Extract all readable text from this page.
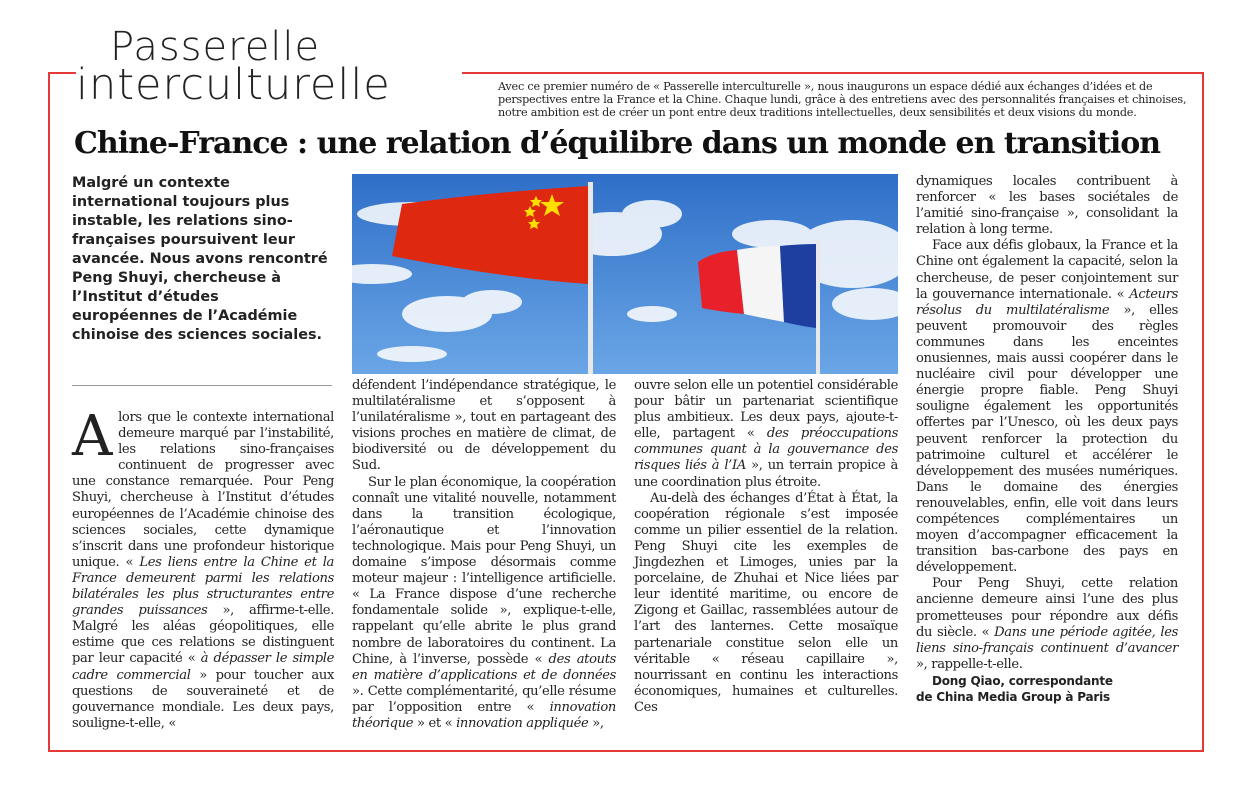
Passerelle
interculturelle	Avec ce premier numéro de « Passerelle interculturelle », nous inaugurons un espace dédié aux échanges d’idées et de perspectives entre la France et la Chine. Chaque lundi, grâce à des entretiens avec des personnalités françaises et chinoises, notre ambition est de créer un pont entre deux traditions intellectuelles, deux sensibilités et deux visions du monde.
Chine-France : une relation d’équilibre dans un monde en transition

Malgré un contexte international toujours plus instable, les relations sino-françaises poursuivent leur avancée. Nous avons rencontré Peng Shuyi, chercheuse à l’Institut d’études européennes de l’Académie chinoise des sciences sociales.

Alors que le contexte international demeure marqué par l’instabilité, les relations sino-françaises continuent de progresser avec une constance remarquée. Pour Peng Shuyi, chercheuse à l’Institut d’études européennes de l’Académie chinoise des sciences sociales, cette dynamique s’inscrit dans une profondeur historique unique. « Les liens entre la Chine et la France demeurent parmi les relations bilatérales les plus structurantes entre grandes puissances », affirme-t-elle. Malgré les aléas géopolitiques, elle estime que ces relations se distinguent par leur capacité « à dépasser le simple cadre commercial » pour toucher aux questions de souveraineté et de gouvernance mondiale. Les deux pays, souligne-t-elle, «

défendent l’indépendance stratégique, le multilatéralisme et s’opposent à l’unilatéralisme », tout en partageant des visions proches en matière de climat, de biodiversité ou de développement du Sud.

Sur le plan économique, la coopération connaît une vitalité nouvelle, notamment dans la transition écologique, l’aéronautique et l’innovation technologique. Mais pour Peng Shuyi, un domaine s’impose désormais comme moteur majeur : l’intelligence artificielle. « La France dispose d’une recherche fondamentale solide », explique-t-elle, rappelant qu’elle abrite le plus grand nombre de laboratoires du continent. La Chine, à l’inverse, possède « des atouts en matière d’applications et de données ». Cette complémentarité, qu’elle résume par l’opposition entre « innovation théorique » et « innovation appliquée »,

ouvre selon elle un potentiel considérable pour bâtir un partenariat scientifique plus ambitieux. Les deux pays, ajoute-t-elle, partagent « des préoccupations communes quant à la gouvernance des risques liés à l’IA », un terrain propice à une coordination plus étroite.

Au-delà des échanges d’État à État, la coopération régionale s’est imposée comme un pilier essentiel de la relation. Peng Shuyi cite les exemples de Jingdezhen et Limoges, unies par la porcelaine, de Zhuhai et Nice liées par leur identité maritime, ou encore de Zigong et Gaillac, rassemblées autour de l’art des lanternes. Cette mosaïque partenariale constitue selon elle un véritable « réseau capillaire », nourrissant en continu les interactions économiques, humaines et culturelles. Ces

dynamiques locales contribuent à renforcer « les bases sociétales de l’amitié sino-française », consolidant la relation à long terme.

Face aux défis globaux, la France et la Chine ont également la capacité, selon la chercheuse, de peser conjointement sur la gouvernance internationale. « Acteurs résolus du multilatéralisme », elles peuvent promouvoir des règles communes dans les enceintes onusiennes, mais aussi coopérer dans le nucléaire civil pour développer une énergie propre fiable. Peng Shuyi souligne également les opportunités offertes par l’Unesco, où les deux pays peuvent renforcer la protection du patrimoine culturel et accélérer le développement des musées numériques. Dans le domaine des énergies renouvelables, enfin, elle voit dans leurs compétences complémentaires un moyen d’accompagner efficacement la transition bas-carbone des pays en développement.

Pour Peng Shuyi, cette relation ancienne demeure ainsi l’une des plus prometteuses pour répondre aux défis du siècle. « Dans une période agitée, les liens sino-français continuent d’avancer », rappelle-t-elle.

Dong Qiao, correspondante
de China Media Group à Paris
